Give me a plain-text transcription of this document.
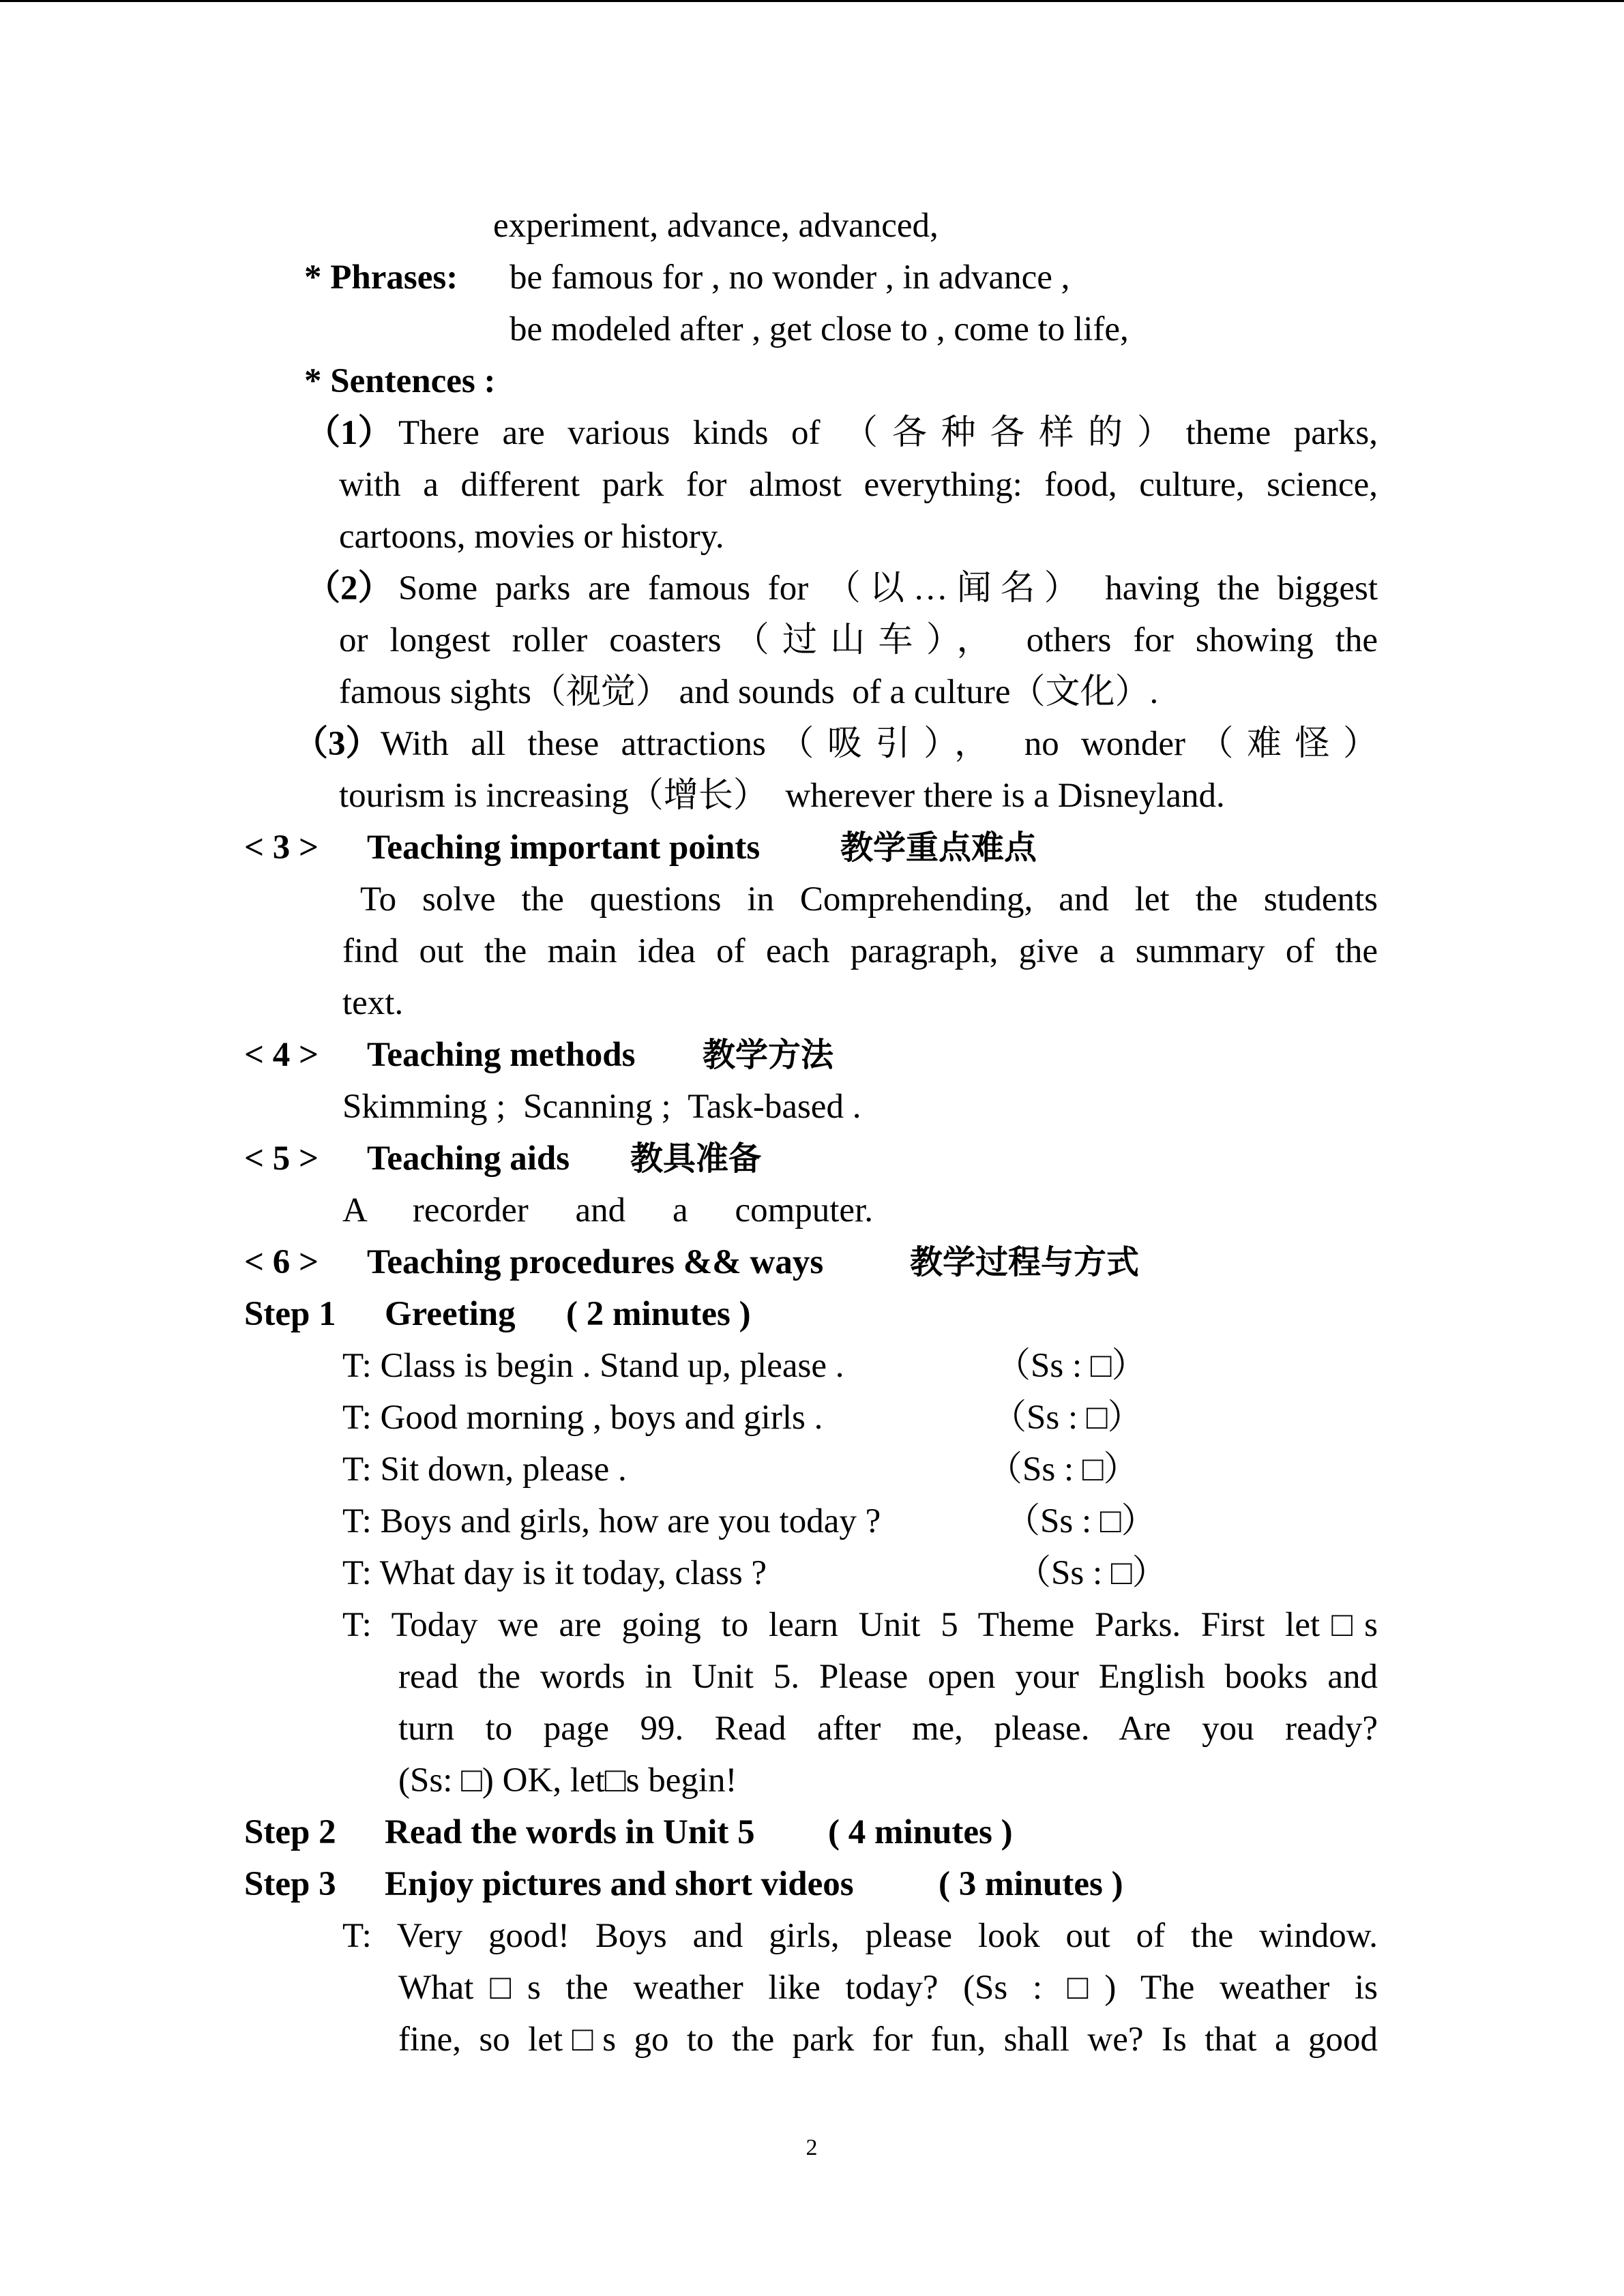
experiment, advance, advanced,
* Phrases: be famous for , no wonder , in advance ,
be modeled after , get close to , come to life,
* Sentences :
（1） There are various kinds of （各种各样的）theme parks,
with a different park for almost everything: food, culture, science,
cartoons, movies or history.
（2） Some parks are famous for （以…闻名） having the biggest
or longest roller coasters（过山车）， others for showing the
famous sights（视觉） and sounds  of a culture（文化）.
（3） With all these attractions（吸引）， no wonder（难怪）
tourism is increasing（增长）  wherever there is a Disneyland.
< 3 > Teaching important points 教学重点难点
To solve the questions in Comprehending, and let the students
find out the main idea of each paragraph, give a summary of the
text.
< 4 > Teaching methods 教学方法
Skimming ;  Scanning ;  Task-based .
< 5 > Teaching aids 教具准备
A recorder and a computer.
< 6 > Teaching procedures && ways	教学过程与方式
Step 1 Greeting ( 2 minutes )
T: Class is begin . Stand up, please .	（Ss : □）
T: Good morning , boys and girls .	（Ss : □）
T: Sit down, please .	（Ss : □）
T: Boys and girls, how are you today ?	（Ss : □）
T: What day is it today, class ?	（Ss : □）
T: Today we are going to learn Unit 5 Theme Parks. First let□s
read the words in Unit 5. Please open your English books and
turn to page 99. Read after me, please. Are you ready?
(Ss: □) OK, let□s begin!
Step 2 Read the words in Unit 5 ( 4 minutes )
Step 3 Enjoy pictures and short videos ( 3 minutes )
T: Very good! Boys and girls, please look out of the window.
What□s the weather like today? (Ss : □) The weather is
fine, so let□s go to the park for fun, shall we? Is that a good
2
